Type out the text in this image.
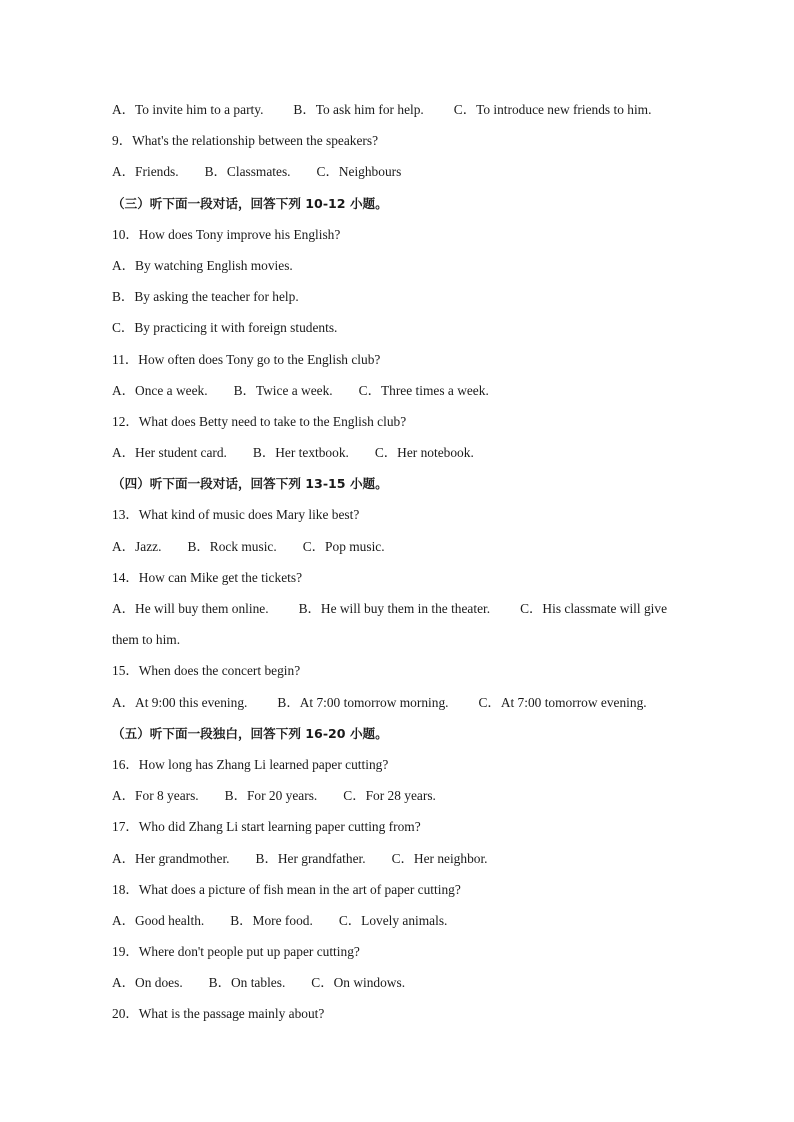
A．To invite him to a party. B．To ask him for help. C．To introduce new friends to him.
9．What's the relationship between the speakers?
A．Friends. B．Classmates. C．Neighbours
（三）听下面一段对话，回答下列 10-12 小题。
10．How does Tony improve his English?
A．By watching English movies.
B．By asking the teacher for help.
C．By practicing it with foreign students.
11．How often does Tony go to the English club?
A．Once a week. B．Twice a week. C．Three times a week.
12．What does Betty need to take to the English club?
A．Her student card. B．Her textbook. C．Her notebook.
（四）听下面一段对话，回答下列 13-15 小题。
13．What kind of music does Mary like best?
A．Jazz. B．Rock music. C．Pop music.
14．How can Mike get the tickets?
A．He will buy them online. B．He will buy them in the theater. C．His classmate will give
them to him.
15．When does the concert begin?
A．At 9:00 this evening. B．At 7:00 tomorrow morning. C．At 7:00 tomorrow evening.
（五）听下面一段独白，回答下列 16-20 小题。
16．How long has Zhang Li learned paper cutting?
A．For 8 years. B．For 20 years. C．For 28 years.
17．Who did Zhang Li start learning paper cutting from?
A．Her grandmother. B．Her grandfather. C．Her neighbor.
18．What does a picture of fish mean in the art of paper cutting?
A．Good health. B．More food. C．Lovely animals.
19．Where don't people put up paper cutting?
A．On does. B．On tables. C．On windows.
20．What is the passage mainly about?
